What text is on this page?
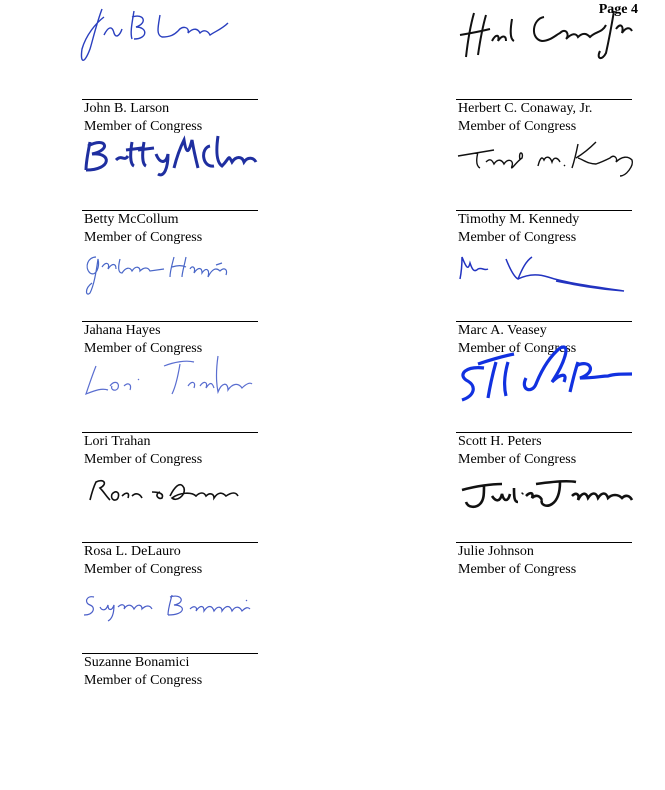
Page 4
John B. Larson
Member of Congress
Herbert C. Conaway, Jr.
Member of Congress
Betty McCollum
Member of Congress
Timothy M. Kennedy
Member of Congress
Jahana Hayes
Member of Congress
Marc A. Veasey
Member of Congress
Lori Trahan
Member of Congress
Scott H. Peters
Member of Congress
Rosa L. DeLauro
Member of Congress
Julie Johnson
Member of Congress
Suzanne Bonamici
Member of Congress
